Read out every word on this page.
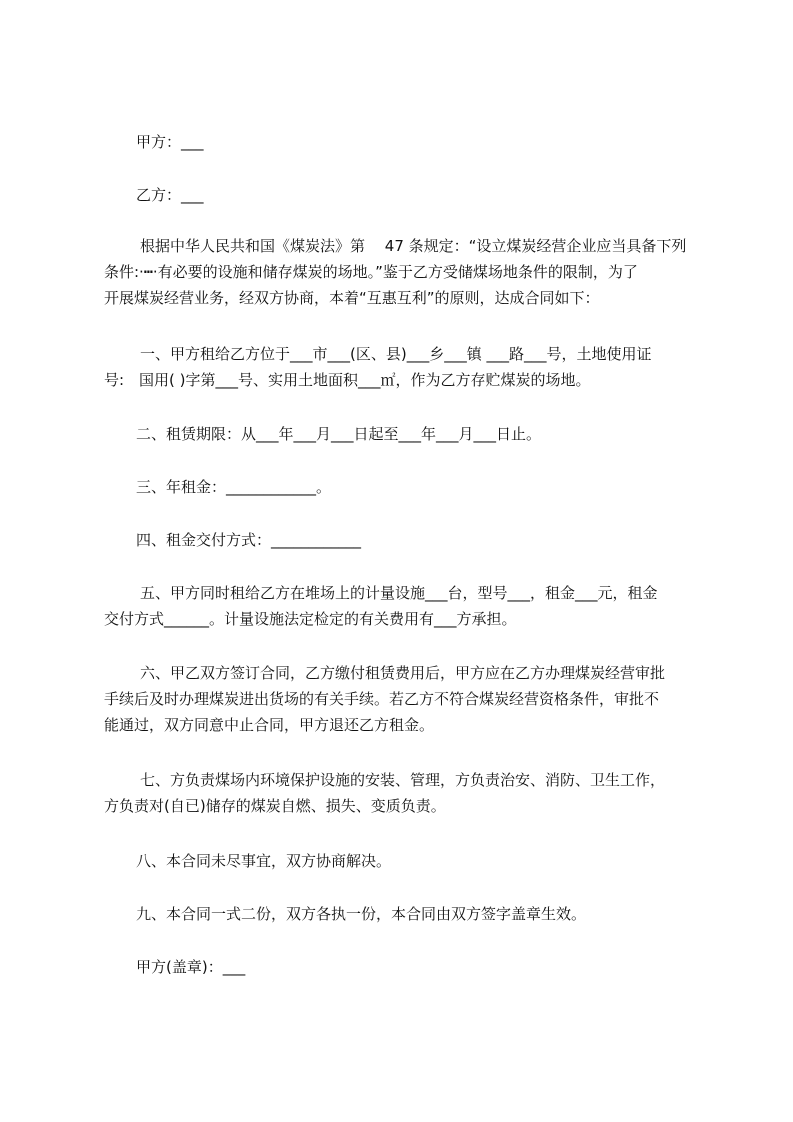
甲方：___
乙方：___
根据中华人民共和国《煤炭法》第　 47 条规定：“设立煤炭经营企业应当具备下列
条件:·┅·有必要的设施和储存煤炭的场地。”鉴于乙方受储煤场地条件的限制，为了
开展煤炭经营业务，经双方协商，本着“互惠互利”的原则，达成合同如下：
一、甲方租给乙方位于___市___(区、县)___乡___镇 ___路___号，土地使用证
号:　国用( )字第___号、实用土地面积___㎡，作为乙方存贮煤炭的场地。
二、租赁期限：从___年___月___日起至___年___月___日止。
三、年租金：____________。
四、租金交付方式：____________
五、甲方同时租给乙方在堆场上的计量设施___台，型号___，租金___元，租金
交付方式______。计量设施法定检定的有关费用有___方承担。
六、甲乙双方签订合同，乙方缴付租赁费用后，甲方应在乙方办理煤炭经营审批
手续后及时办理煤炭进出货场的有关手续。若乙方不符合煤炭经营资格条件，审批不
能通过，双方同意中止合同，甲方退还乙方租金。
七、方负责煤场内环境保护设施的安装、管理，方负责治安、消防、卫生工作，
方负责对(自已)储存的煤炭自燃、损失、变质负责。
八、本合同未尽事宜，双方协商解决。
九、本合同一式二份，双方各执一份，本合同由双方签字盖章生效。
甲方(盖章)：___
